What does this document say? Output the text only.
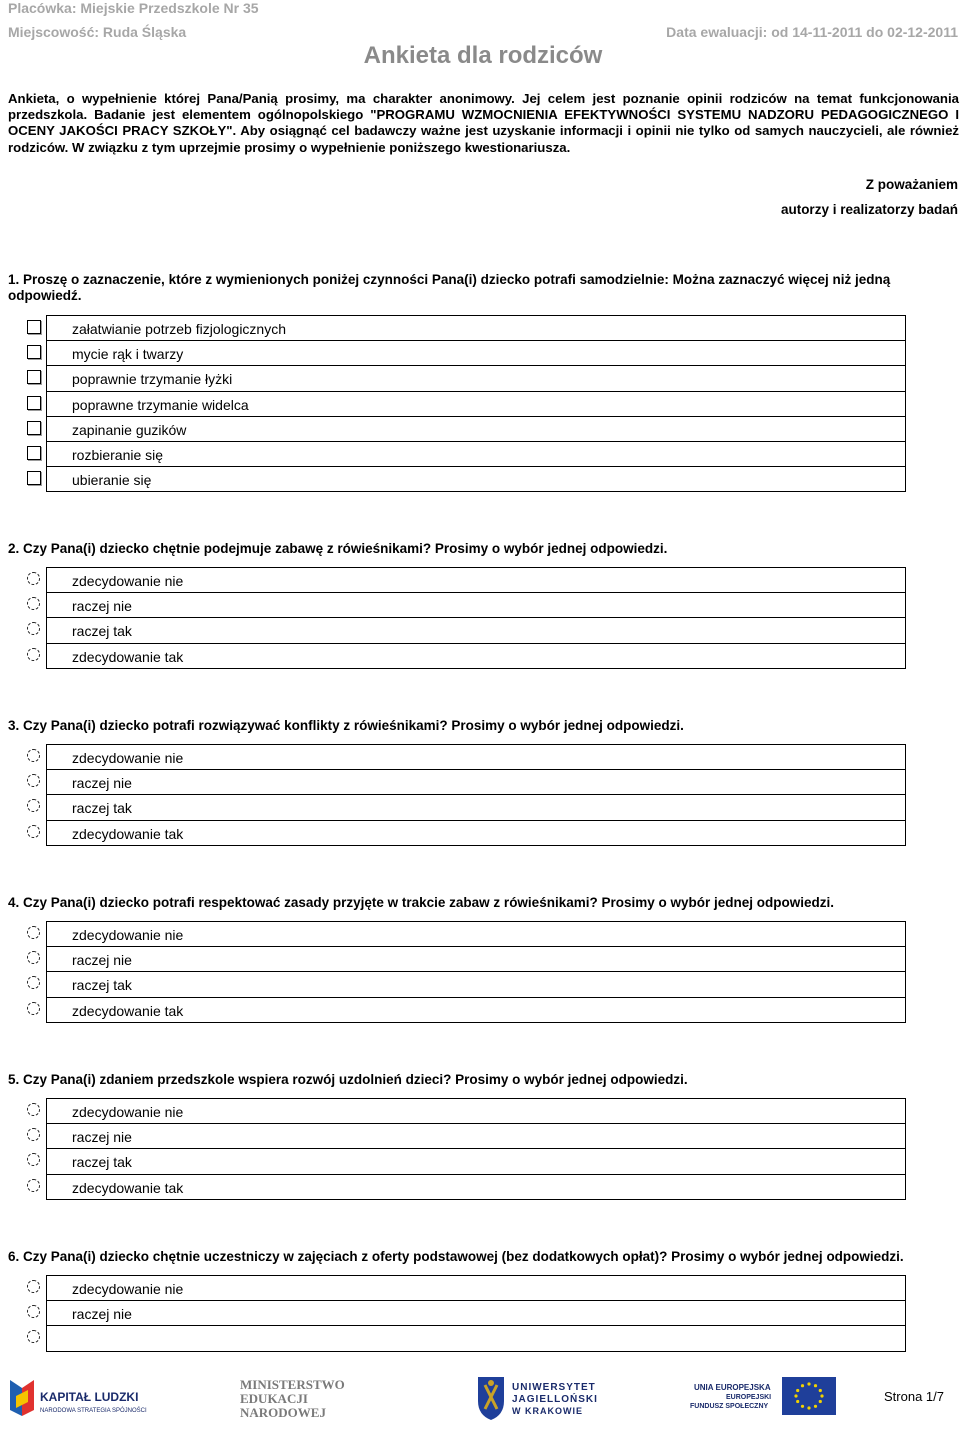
Placówka: Miejskie Przedszkole Nr 35
Miejscowość: Ruda Śląska	Data ewaluacji: od 14-11-2011 do 02-12-2011
Ankieta dla rodziców

Ankieta, o wypełnienie której Pana/Panią prosimy, ma charakter anonimowy. Jej celem jest poznanie opinii rodziców na temat funkcjonowania przedszkola. Badanie jest elementem ogólnopolskiego "PROGRAMU WZMOCNIENIA EFEKTYWNOŚCI SYSTEMU NADZORU PEDAGOGICZNEGO I OCENY JAKOŚCI PRACY SZKOŁY". Aby osiągnąć cel badawczy ważne jest uzyskanie informacji i opinii nie tylko od samych nauczycieli, ale również rodziców. W związku z tym uprzejmie prosimy o wypełnienie poniższego kwestionariusza.

Z poważaniem
autorzy i realizatorzy badań
1. Proszę o zaznaczenie, które z wymienionych poniżej czynności Pana(i) dziecko potrafi samodzielnie: Można zaznaczyć więcej niż jedną odpowiedź.
załatwianie potrzeb fizjologicznych
mycie rąk i twarzy
poprawnie trzymanie łyżki
poprawne trzymanie widelca
zapinanie guzików
rozbieranie się
ubieranie się
2. Czy Pana(i) dziecko chętnie podejmuje zabawę z rówieśnikami? Prosimy o wybór jednej odpowiedzi.
zdecydowanie nie
raczej nie
raczej tak
zdecydowanie tak
3. Czy Pana(i) dziecko potrafi rozwiązywać konflikty z rówieśnikami? Prosimy o wybór jednej odpowiedzi.
zdecydowanie nie
raczej nie
raczej tak
zdecydowanie tak
4. Czy Pana(i) dziecko potrafi respektować zasady przyjęte w trakcie zabaw z rówieśnikami? Prosimy o wybór jednej odpowiedzi.
zdecydowanie nie
raczej nie
raczej tak
zdecydowanie tak
5. Czy Pana(i) zdaniem przedszkole wspiera rozwój uzdolnień dzieci? Prosimy o wybór jednej odpowiedzi.
zdecydowanie nie
raczej nie
raczej tak
zdecydowanie tak
6. Czy Pana(i) dziecko chętnie uczestniczy w zajęciach z oferty podstawowej (bez dodatkowych opłat)? Prosimy o wybór jednej odpowiedzi.
zdecydowanie nie
raczej nie
KAPITAŁ LUDZKI
NARODOWA STRATEGIA SPÓJNOŚCI
MINISTERSTWO
EDUKACJI
NARODOWEJ
UNIWERSYTET
JAGIELLOŃSKI
W KRAKOWIE
UNIA EUROPEJSKA
EUROPEJSKI
FUNDUSZ SPOŁECZNY
Strona 1/7
